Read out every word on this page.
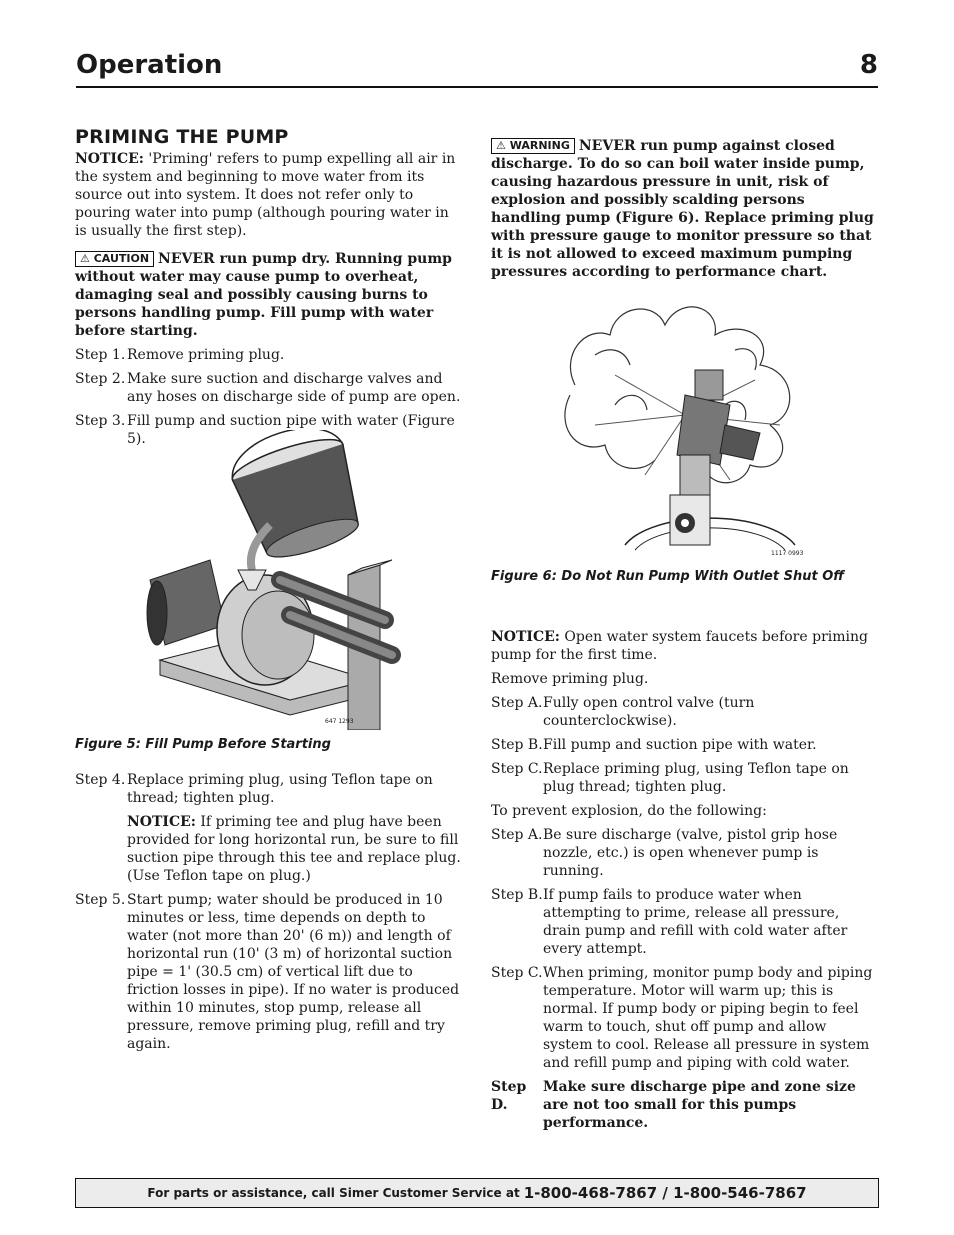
Operation	8
PRIMING THE PUMP

NOTICE: 'Priming' refers to pump expelling all air in the system and beginning to move water from its source out into system. It does not refer only to pouring water into pump (although pouring water in is usually the first step).

⚠ CAUTION NEVER run pump dry. Running pump without water may cause pump to overheat, damaging seal and possibly causing burns to persons handling pump. Fill pump with water before starting.

Step 1. Remove priming plug.
Step 2. Make sure suction and discharge valves and any hoses on discharge side of pump are open.
Step 3. Fill pump and suction pipe with water (Figure 5).
647 1293
Figure 5: Fill Pump Before Starting
Step 4. Replace priming plug, using Teflon tape on thread; tighten plug.
NOTICE: If priming tee and plug have been provided for long horizontal run, be sure to fill suction pipe through this tee and replace plug. (Use Teflon tape on plug.)
Step 5. Start pump; water should be produced in 10 minutes or less, time depends on depth to water (not more than 20' (6 m)) and length of horizontal run (10' (3 m) of horizontal suction pipe = 1' (30.5 cm) of vertical lift due to friction losses in pipe). If no water is produced within 10 minutes, stop pump, release all pressure, remove priming plug, refill and try again.
⚠ WARNING NEVER run pump against closed discharge. To do so can boil water inside pump, causing hazardous pressure in unit, risk of explosion and possibly scalding persons handling pump (Figure 6). Replace priming plug with pressure gauge to monitor pressure so that it is not allowed to exceed maximum pumping pressures according to performance chart.
1117 0993
Figure 6: Do Not Run Pump With Outlet Shut Off

NOTICE: Open water system faucets before priming pump for the first time.

Remove priming plug.

Step A. Fully open control valve (turn counterclockwise).
Step B. Fill pump and suction pipe with water.
Step C. Replace priming plug, using Teflon tape on plug thread; tighten plug.

To prevent explosion, do the following:

Step A. Be sure discharge (valve, pistol grip hose nozzle, etc.) is open whenever pump is running.
Step B. If pump fails to produce water when attempting to prime, release all pressure, drain pump and refill with cold water after every attempt.
Step C. When priming, monitor pump body and piping temperature. Motor will warm up; this is normal. If pump body or piping begin to feel warm to touch, shut off pump and allow system to cool. Release all pressure in system and refill pump and piping with cold water.
Step D.
Make sure discharge pipe and zone size are not too small for this pumps performance.
For parts or assistance, call Simer Customer Service at 1-800-468-7867 / 1-800-546-7867
